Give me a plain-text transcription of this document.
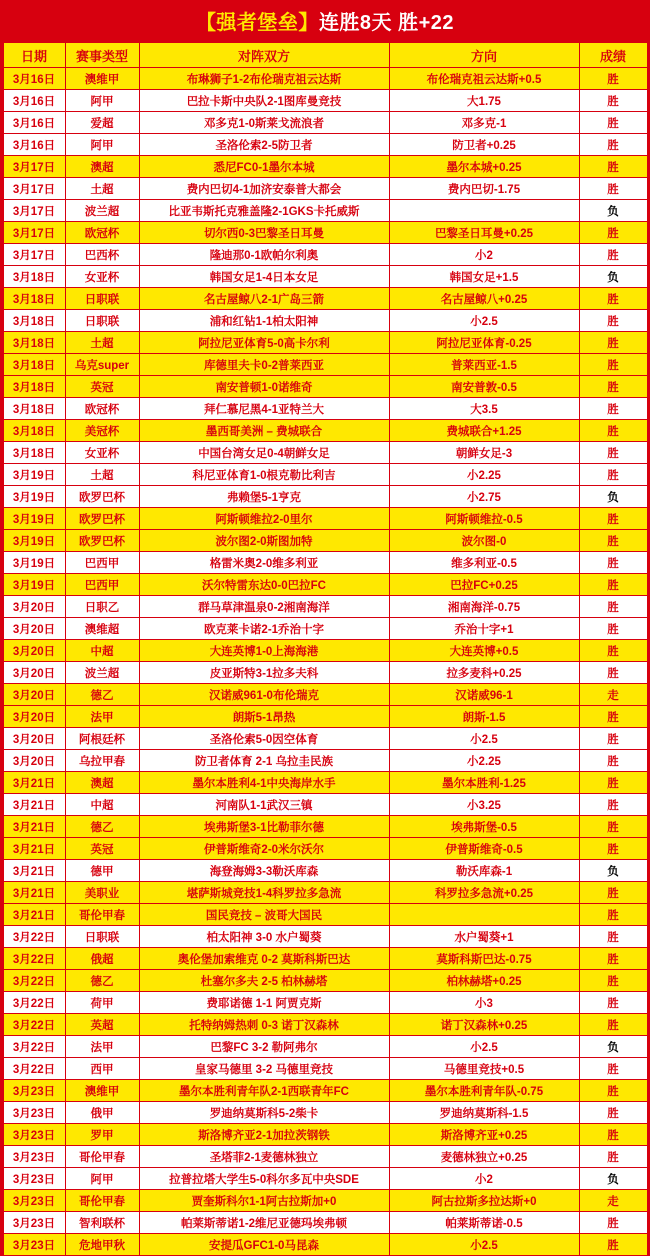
【强者堡垒】连胜8天 胜+22
日期	赛事类型	对阵双方	方向	成绩
3月16日	澳维甲	布琳狮子1-2布伦瑞克祖云达斯	布伦瑞克祖云达斯+0.5	胜
3月16日	阿甲	巴拉卡斯中央队2-1图库曼竞技	大1.75	胜
3月16日	爱超	邓多克1-0斯莱戈流浪者	邓多克-1	胜
3月16日	阿甲	圣洛伦索2-5防卫者	防卫者+0.25	胜
3月17日	澳超	悉尼FC0-1墨尔本城	墨尔本城+0.25	胜
3月17日	土超	费内巴切4-1加济安泰普大都会	费内巴切-1.75	胜
3月17日	波兰超	比亚韦斯托克雅盖隆2-1GKS卡托威斯		负
3月17日	欧冠杯	切尔西0-3巴黎圣日耳曼	巴黎圣日耳曼+0.25	胜
3月17日	巴西杯	隆迪那0-1欧帕尔利奥	小2	胜
3月18日	女亚杯	韩国女足1-4日本女足	韩国女足+1.5	负
3月18日	日职联	名古屋鲸八2-1广岛三箭	名古屋鲸八+0.25	胜
3月18日	日职联	浦和红钻1-1柏太阳神	小2.5	胜
3月18日	土超	阿拉尼亚体育5-0高卡尔利	阿拉尼亚体育-0.25	胜
3月18日	乌克super	库德里夫卡0-2普莱西亚	普莱西亚-1.5	胜
3月18日	英冠	南安普顿1-0诺维奇	南安普敦-0.5	胜
3月18日	欧冠杯	拜仁慕尼黑4-1亚特兰大	大3.5	胜
3月18日	美冠杯	墨西哥美洲 – 费城联合	费城联合+1.25	胜
3月18日	女亚杯	中国台湾女足0-4朝鲜女足	朝鲜女足-3	胜
3月19日	土超	科尼亚体育1-0根克勒比利吉	小2.25	胜
3月19日	欧罗巴杯	弗赖堡5-1亨克	小2.75	负
3月19日	欧罗巴杯	阿斯顿维拉2-0里尔	阿斯顿维拉-0.5	胜
3月19日	欧罗巴杯	波尔图2-0斯图加特	波尔图-0	胜
3月19日	巴西甲	格雷米奥2-0维多利亚	维多利亚-0.5	胜
3月19日	巴西甲	沃尔特雷东达0-0巴拉FC	巴拉FC+0.25	胜
3月20日	日职乙	群马草津温泉0-2湘南海洋	湘南海洋-0.75	胜
3月20日	澳维超	欧克莱卡诺2-1乔治十字	乔治十字+1	胜
3月20日	中超	大连英博1-0上海海港	大连英博+0.5	胜
3月20日	波兰超	皮亚斯特3-1拉多夫科	拉多麦科+0.25	胜
3月20日	德乙	汉诺威961-0布伦瑞克	汉诺威96-1	走
3月20日	法甲	朗斯5-1昂热	朗斯-1.5	胜
3月20日	阿根廷杯	圣洛伦索5-0因空体育	小2.5	胜
3月20日	乌拉甲春	防卫者体育 2-1 乌拉圭民族	小2.25	胜
3月21日	澳超	墨尔本胜利4-1中央海岸水手	墨尔本胜利-1.25	胜
3月21日	中超	河南队1-1武汉三镇	小3.25	胜
3月21日	德乙	埃弗斯堡3-1比勒菲尔德	埃弗斯堡-0.5	胜
3月21日	英冠	伊普斯维奇2-0米尔沃尔	伊普斯维奇-0.5	胜
3月21日	德甲	海登海姆3-3勒沃库森	勒沃库森-1	负
3月21日	美职业	堪萨斯城竞技1-4科罗拉多急流	科罗拉多急流+0.25	胜
3月21日	哥伦甲春	国民竞技 – 波哥大国民		胜
3月22日	日职联	柏太阳神 3-0 水户蜀葵	水户蜀葵+1	胜
3月22日	俄超	奥伦堡加索维克 0-2 莫斯科斯巴达	莫斯科斯巴达-0.75	胜
3月22日	德乙	杜塞尔多夫 2-5 柏林赫塔	柏林赫塔+0.25	胜
3月22日	荷甲	费耶诺德 1-1 阿贾克斯	小3	胜
3月22日	英超	托特纳姆热刺 0-3 诺丁汉森林	诺丁汉森林+0.25	胜
3月22日	法甲	巴黎FC 3-2 勒阿弗尔	小2.5	负
3月22日	西甲	皇家马德里 3-2 马德里竞技	马德里竞技+0.5	胜
3月23日	澳维甲	墨尔本胜利青年队2-1西联青年FC	墨尔本胜利青年队-0.75	胜
3月23日	俄甲	罗迪纳莫斯科5-2柴卡	罗迪纳莫斯科-1.5	胜
3月23日	罗甲	斯洛博齐亚2-1加拉茨钢铁	斯洛博齐亚+0.25	胜
3月23日	哥伦甲春	圣塔菲2-1麦德林独立	麦德林独立+0.25	胜
3月23日	阿甲	拉普拉塔大学生5-0科尔多瓦中央SDE	小2	负
3月23日	哥伦甲春	贾奎斯科尔1-1阿古拉斯加+0	阿古拉斯多拉达斯+0	走
3月23日	智利联杯	帕莱斯蒂诺1-2维尼亚德玛埃弗顿	帕莱斯蒂诺-0.5	胜
3月23日	危地甲秋	安提瓜GFC1-0马昆森	小2.5	胜
